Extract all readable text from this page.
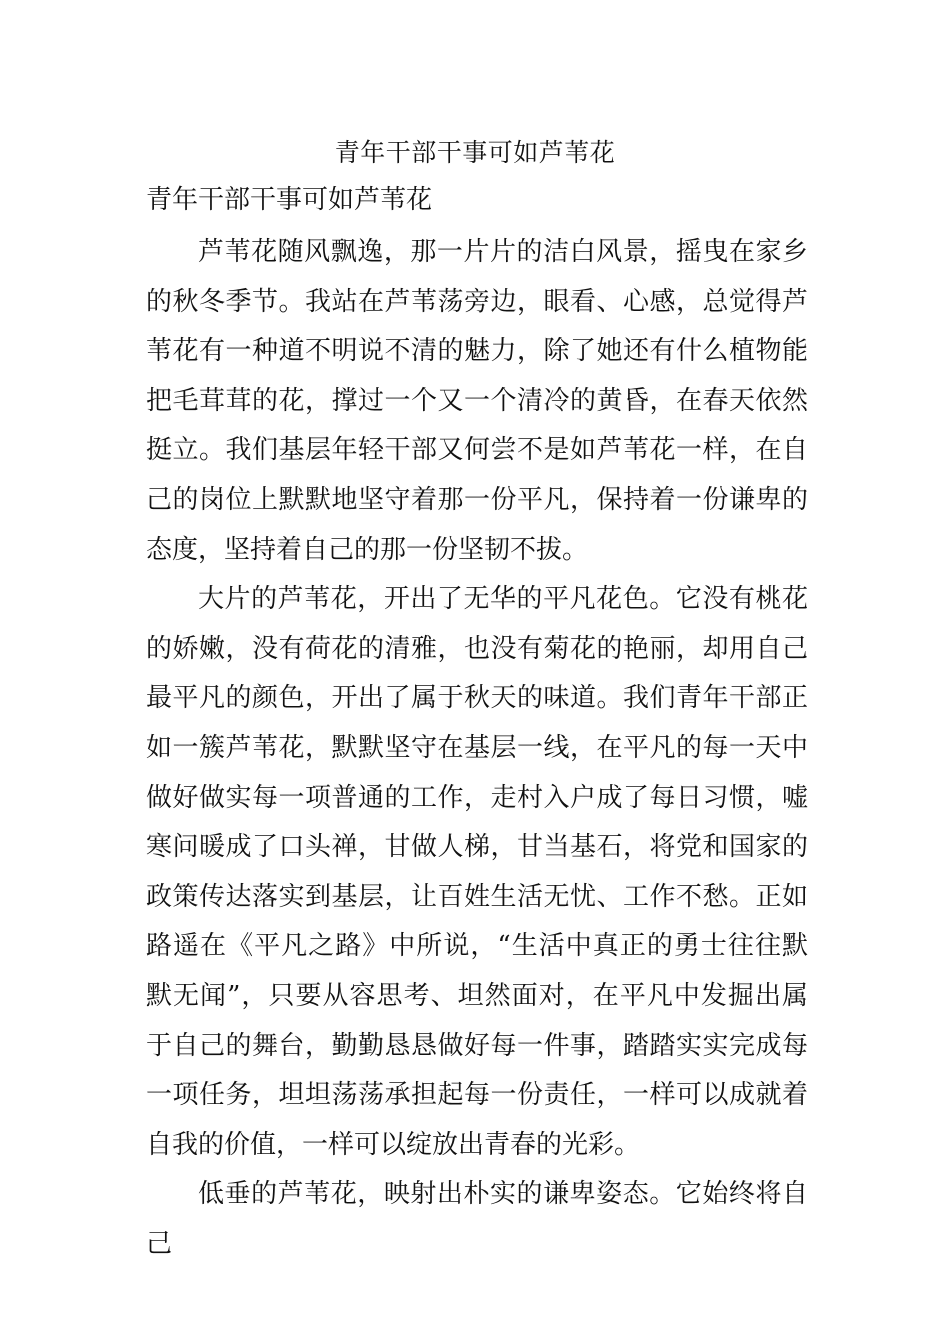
青年干部干事可如芦苇花
青年干部干事可如芦苇花

芦苇花随风飘逸，那一片片的洁白风景，摇曳在家乡的秋冬季节。我站在芦苇荡旁边，眼看、心感，总觉得芦苇花有一种道不明说不清的魅力，除了她还有什么植物能把毛茸茸的花，撑过一个又一个清冷的黄昏，在春天依然挺立。我们基层年轻干部又何尝不是如芦苇花一样，在自己的岗位上默默地坚守着那一份平凡，保持着一份谦卑的态度，坚持着自己的那一份坚韧不拔。

大片的芦苇花，开出了无华的平凡花色。它没有桃花的娇嫩，没有荷花的清雅，也没有菊花的艳丽，却用自己最平凡的颜色，开出了属于秋天的味道。我们青年干部正如一簇芦苇花，默默坚守在基层一线，在平凡的每一天中做好做实每一项普通的工作，走村入户成了每日习惯，嘘寒问暖成了口头禅，甘做人梯，甘当基石，将党和国家的政策传达落实到基层，让百姓生活无忧、工作不愁。正如路遥在《平凡之路》中所说，“生活中真正的勇士往往默默无闻”，只要从容思考、坦然面对，在平凡中发掘出属于自己的舞台，勤勤恳恳做好每一件事，踏踏实实完成每一项任务，坦坦荡荡承担起每一份责任，一样可以成就着自我的价值，一样可以绽放出青春的光彩。

低垂的芦苇花，映射出朴实的谦卑姿态。它始终将自己
